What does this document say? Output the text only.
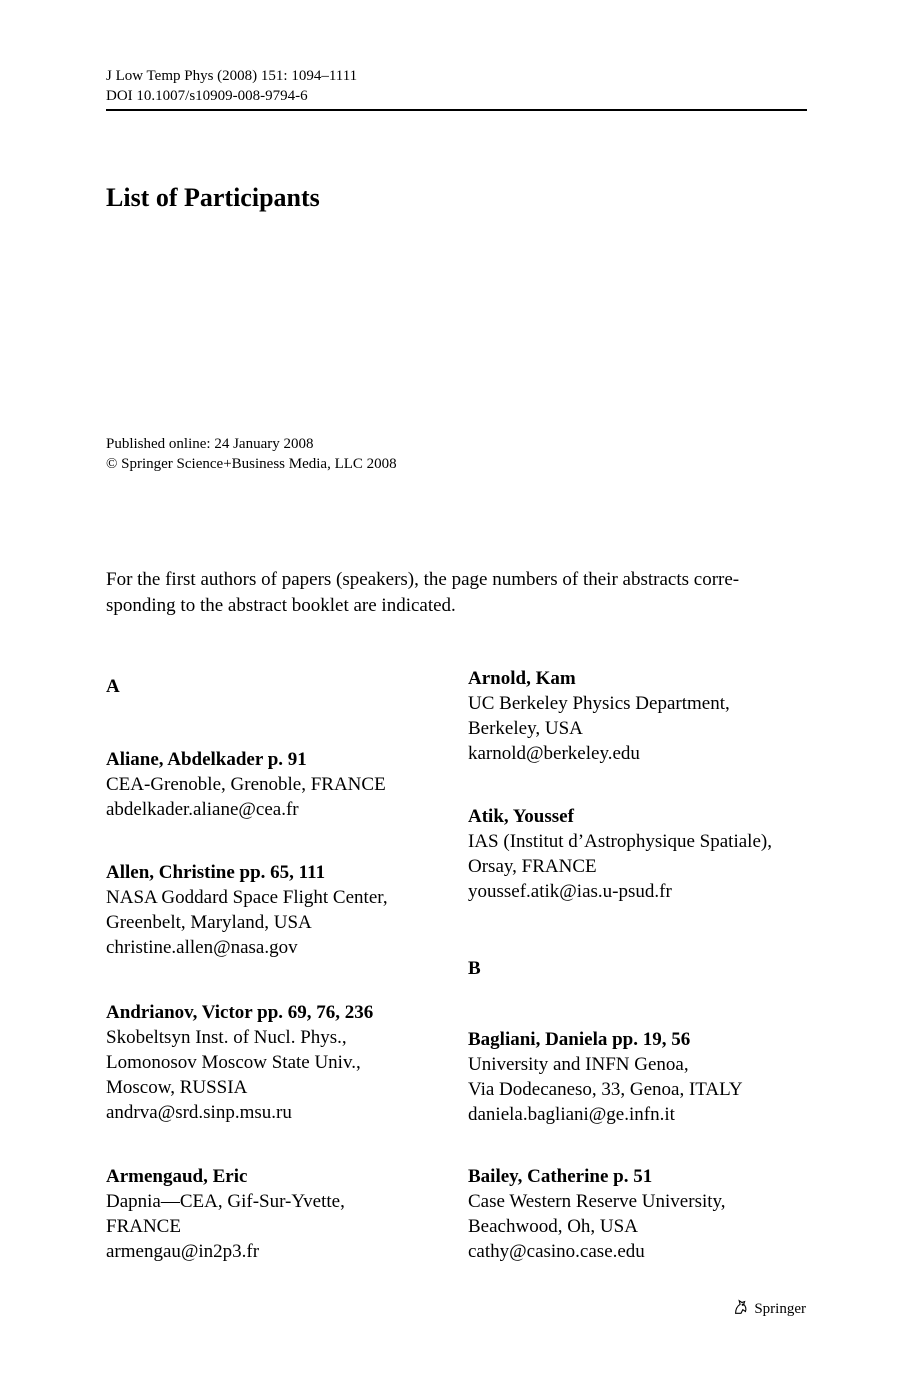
J Low Temp Phys (2008) 151: 1094–1111
DOI 10.1007/s10909-008-9794-6
List of Participants
Published online: 24 January 2008
© Springer Science+Business Media, LLC 2008

For the first authors of papers (speakers), the page numbers of their abstracts corre-sponding to the abstract booklet are indicated.

A
Aliane, Abdelkader p. 91
CEA-Grenoble, Grenoble, FRANCE
abdelkader.aliane@cea.fr
Allen, Christine pp. 65, 111
NASA Goddard Space Flight Center,
Greenbelt, Maryland, USA
christine.allen@nasa.gov
Andrianov, Victor pp. 69, 76, 236
Skobeltsyn Inst. of Nucl. Phys.,
Lomonosov Moscow State Univ.,
Moscow, RUSSIA
andrva@srd.sinp.msu.ru
Armengaud, Eric
Dapnia—CEA, Gif-Sur-Yvette,
FRANCE
armengau@in2p3.fr
Arnold, Kam
UC Berkeley Physics Department,
Berkeley, USA
karnold@berkeley.edu
Atik, Youssef
IAS (Institut d’Astrophysique Spatiale),
Orsay, FRANCE
youssef.atik@ias.u-psud.fr
B
Bagliani, Daniela pp. 19, 56
University and INFN Genoa,
Via Dodecaneso, 33, Genoa, ITALY
daniela.bagliani@ge.infn.it
Bailey, Catherine p. 51
Case Western Reserve University,
Beachwood, Oh, USA
cathy@casino.case.edu
Springer
